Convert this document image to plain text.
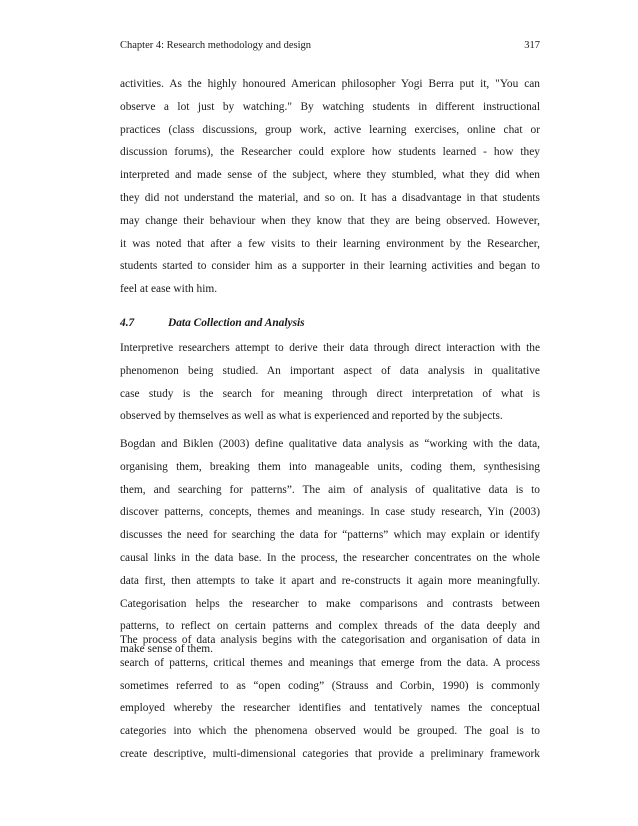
Chapter 4: Research methodology and design	317
activities. As the highly honoured American philosopher Yogi Berra put it, "You can
observe a lot just by watching." By watching students in different instructional
practices (class discussions, group work, active learning exercises, online chat or
discussion forums), the Researcher could explore how students learned - how they
interpreted and made sense of the subject, where they stumbled, what they did when
they did not understand the material, and so on. It has a disadvantage in that students
may change their behaviour when they know that they are being observed. However,
it was noted that after a few visits to their learning environment by the Researcher,
students started to consider him as a supporter in their learning activities and began to
feel at ease with him.
4.7	Data Collection and Analysis
Interpretive researchers attempt to derive their data through direct interaction with the
phenomenon being studied. An important aspect of data analysis in qualitative
case study is the search for meaning through direct interpretation of what is
observed by themselves as well as what is experienced and reported by the subjects.
Bogdan and Biklen (2003) define qualitative data analysis as “working with the data,
organising them, breaking them into manageable units, coding them, synthesising
them, and searching for patterns”. The aim of analysis of qualitative data is to
discover patterns, concepts, themes and meanings. In case study research, Yin (2003)
discusses the need for searching the data for “patterns” which may explain or identify
causal links in the data base. In the process, the researcher concentrates on the whole
data first, then attempts to take it apart and re-constructs it again more meaningfully.
Categorisation helps the researcher to make comparisons and contrasts between
patterns, to reflect on certain patterns and complex threads of the data deeply and
make sense of them.
The process of data analysis begins with the categorisation and organisation of data in
search of patterns, critical themes and meanings that emerge from the data. A process
sometimes referred to as “open coding” (Strauss and Corbin, 1990) is commonly
employed whereby the researcher identifies and tentatively names the conceptual
categories into which the phenomena observed would be grouped. The goal is to
create descriptive, multi-dimensional categories that provide a preliminary framework
